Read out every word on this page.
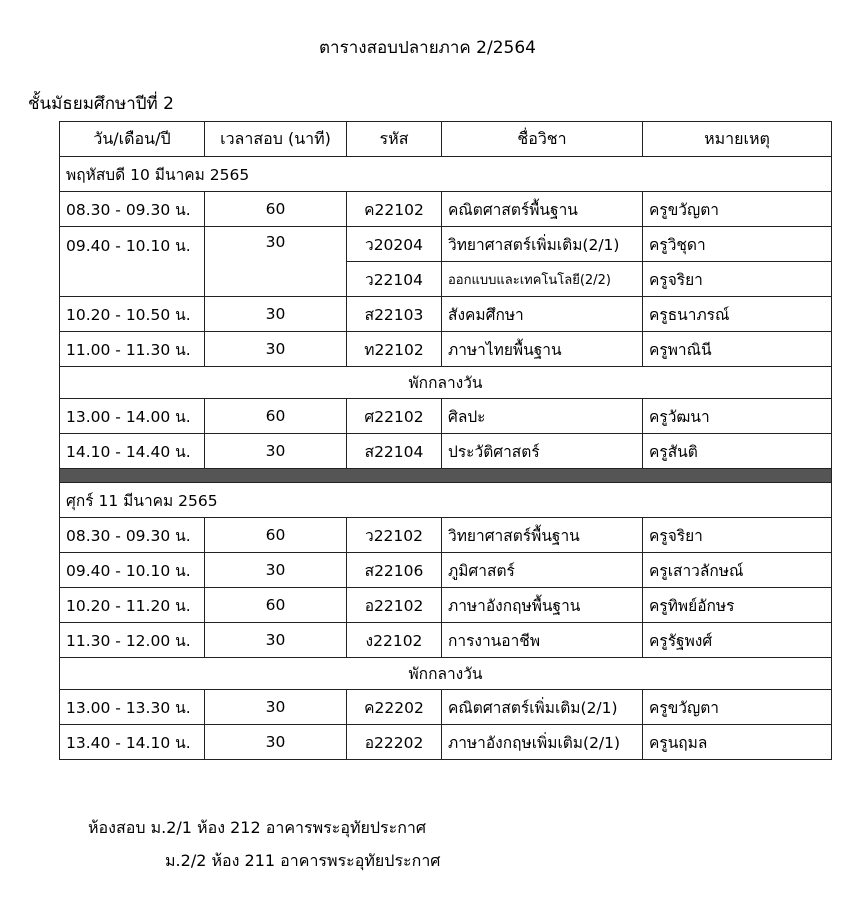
ตารางสอบปลายภาค 2/2564
ชั้นมัธยมศึกษาปีที่ 2
วัน/เดือน/ปี	เวลาสอบ (นาที)	รหัส	ชื่อวิชา	หมายเหตุ
พฤหัสบดี 10 มีนาคม 2565				
08.30 - 09.30 น.	60	ค22102	คณิตศาสตร์พื้นฐาน	ครูขวัญตา
09.40 - 10.10 น.	30	ว20204	วิทยาศาสตร์เพิ่มเติม(2/1)	ครูวิชุดา
		ว22104	ออกแบบและเทคโนโลยี(2/2)	ครูจริยา
10.20 - 10.50 น.	30	ส22103	สังคมศึกษา	ครูธนาภรณ์
11.00 - 11.30 น.	30	ท22102	ภาษาไทยพื้นฐาน	ครูพาณินี
พักกลางวัน				
13.00 - 14.00 น.	60	ศ22102	ศิลปะ	ครูวัฒนา
14.10 - 14.40 น.	30	ส22104	ประวัติศาสตร์	ครูสันติ

ศุกร์ 11 มีนาคม 2565				
08.30 - 09.30 น.	60	ว22102	วิทยาศาสตร์พื้นฐาน	ครูจริยา
09.40 - 10.10 น.	30	ส22106	ภูมิศาสตร์	ครูเสาวลักษณ์
10.20 - 11.20 น.	60	อ22102	ภาษาอังกฤษพื้นฐาน	ครูทิพย์อักษร
11.30 - 12.00 น.	30	ง22102	การงานอาชีพ	ครูรัฐพงศ์
พักกลางวัน				
13.00 - 13.30 น.	30	ค22202	คณิตศาสตร์เพิ่มเติม(2/1)	ครูขวัญตา
13.40 - 14.10 น.	30	อ22202	ภาษาอังกฤษเพิ่มเติม(2/1)	ครูนฤมล
ห้องสอบ ม.2/1 ห้อง 212 อาคารพระอุทัยประกาศ
ม.2/2 ห้อง 211 อาคารพระอุทัยประกาศ
